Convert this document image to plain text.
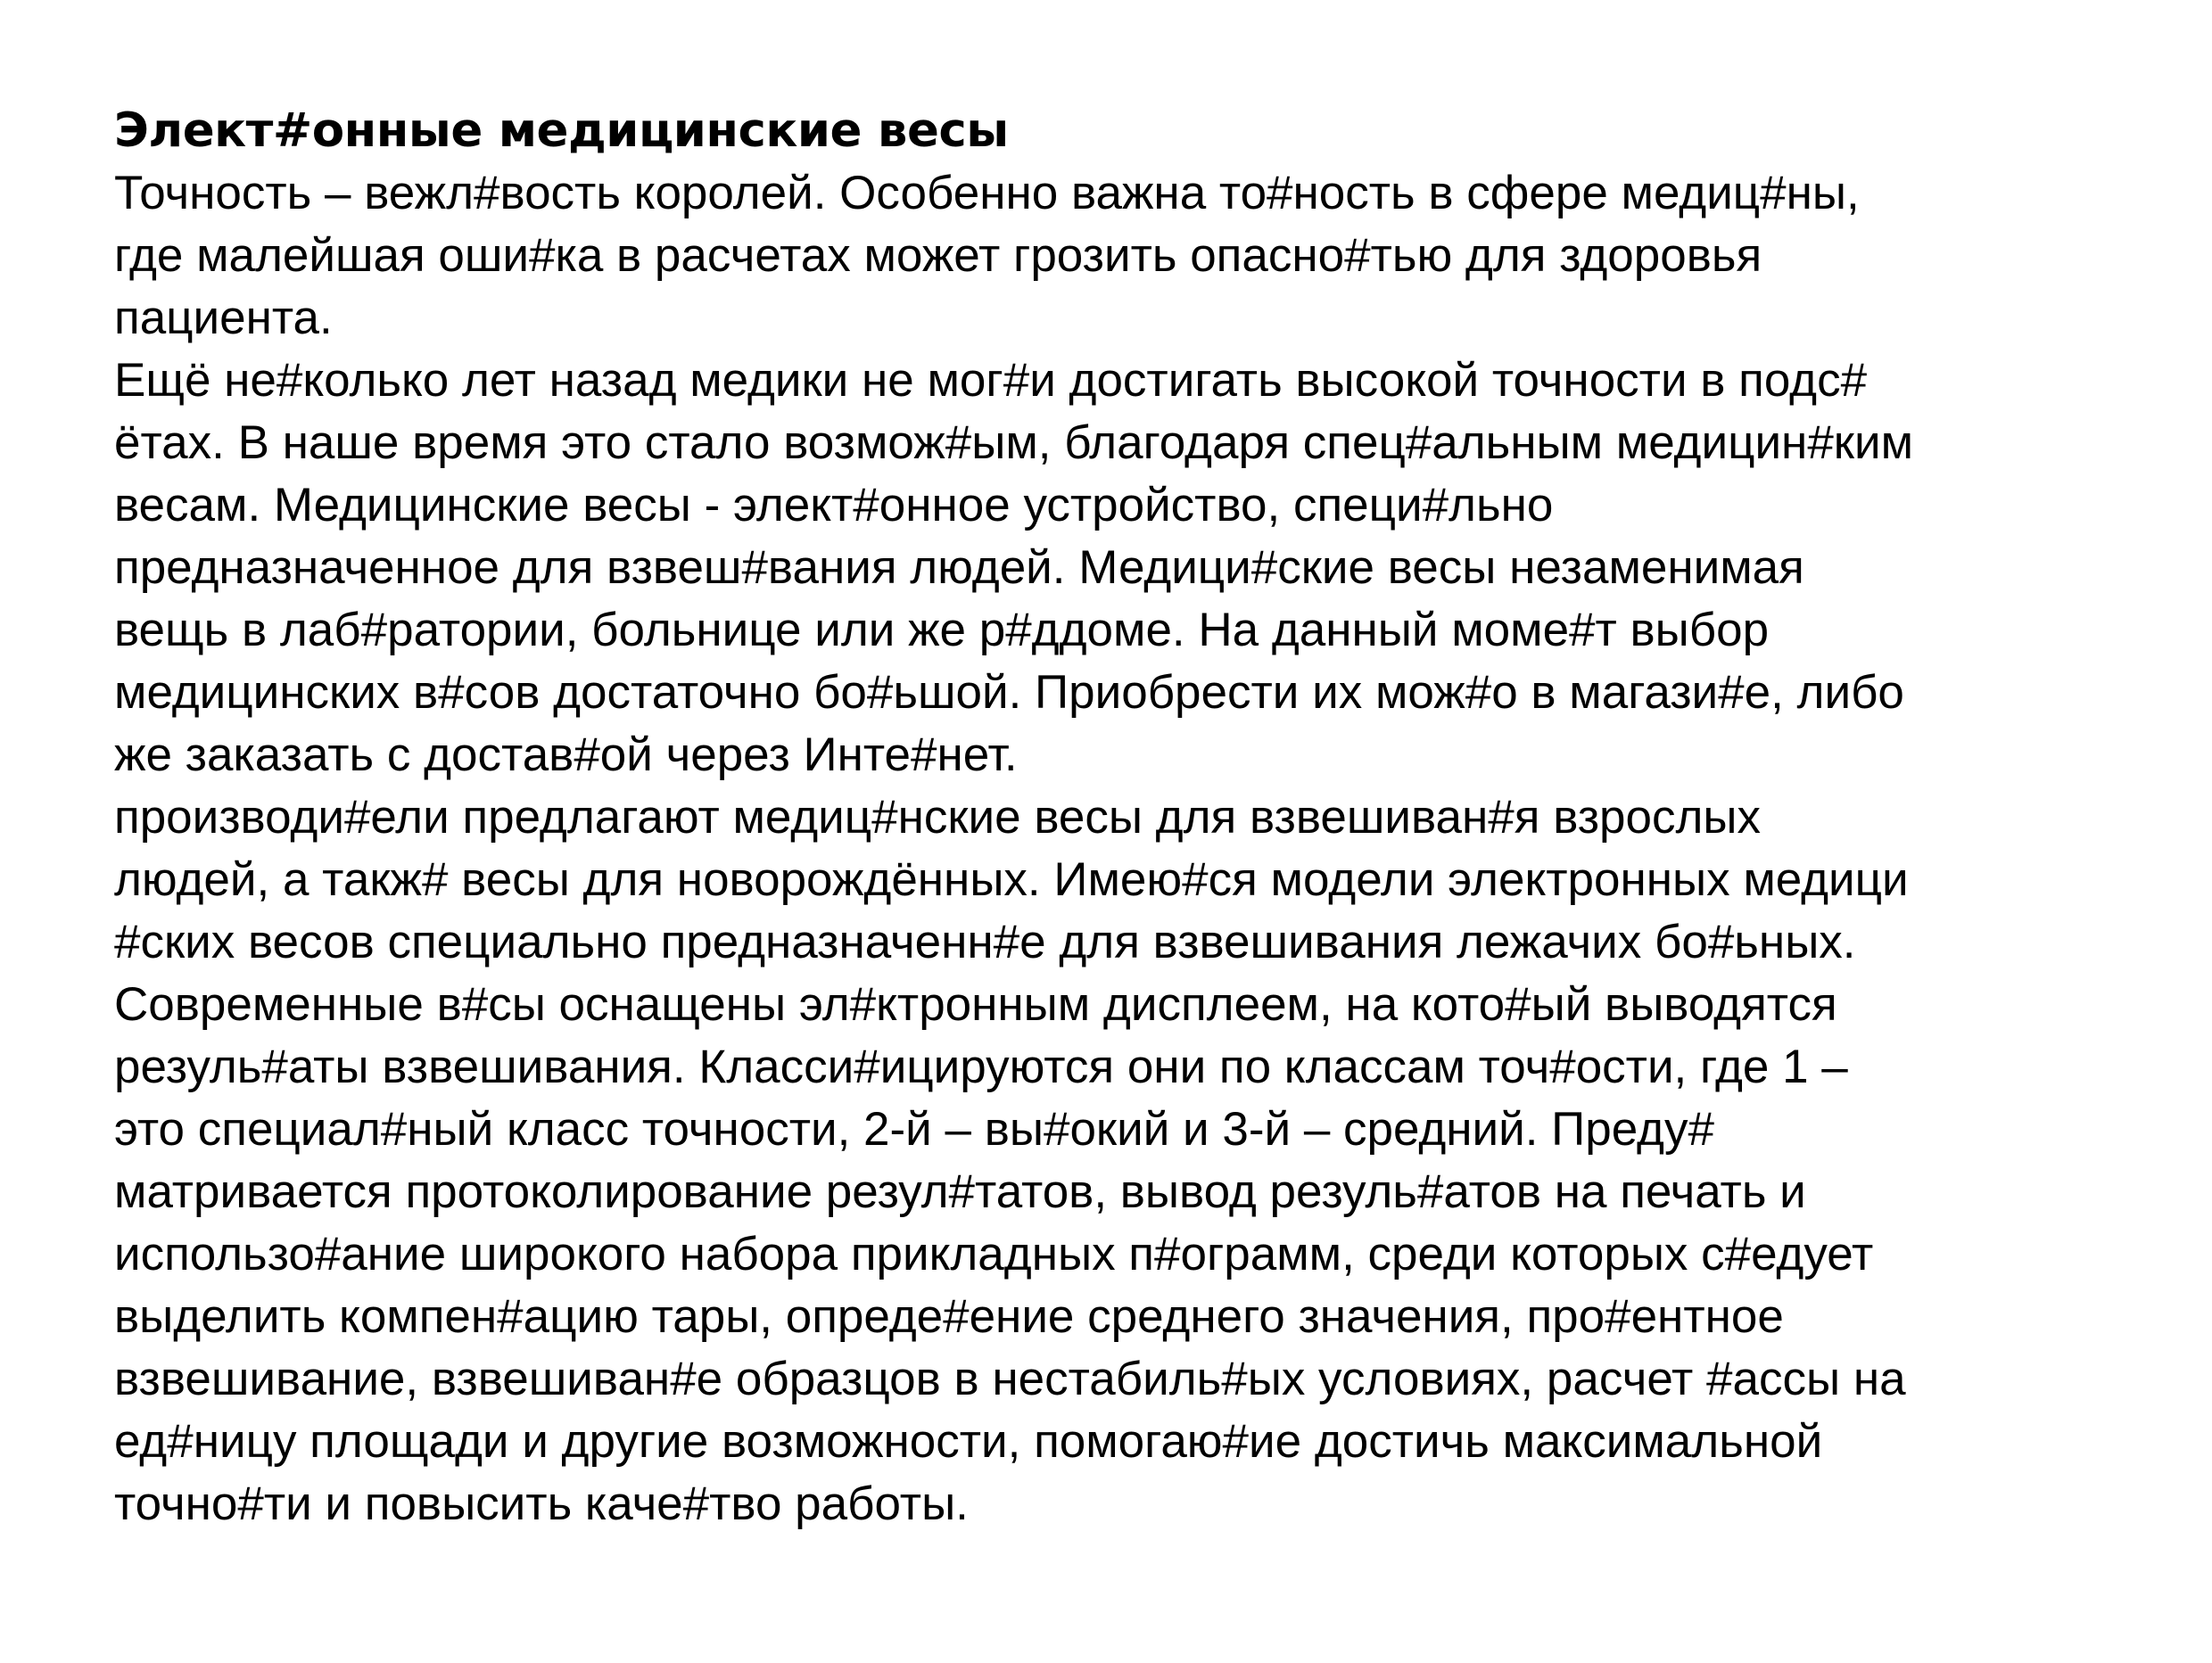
Элект#онные медицинские весы
Точность – вежл#вость королей. Особенно важна то#ность в сфере медиц#ны,
где малейшая оши#ка в расчетах может грозить опасно#тью для здоровья
пациента.
Ещё не#колько лет назад медики не мог#и достигать высокой точности в подс#
ётах. В наше время это стало возмож#ым, благодаря спец#альным медицин#ким
весам. Медицинские весы - элект#онное устройство, специ#льно
предназначенное для взвеш#вания людей. Медици#ские весы незаменимая
вещь в лаб#ратории, больнице или же р#ддоме. На данный моме#т выбор
медицинских в#сов достаточно бо#ьшой. Приобрести их мож#о в магази#е, либо
же заказать с достав#ой через Инте#нет.
производи#ели предлагают медиц#нские весы для взвешиван#я взрослых
людей, а такж# весы для новорождённых. Имею#ся модели электронных медици
#ских весов специально предназначенн#е для взвешивания лежачих бо#ьных.
Современные в#сы оснащены эл#ктронным дисплеем, на кото#ый выводятся
резуль#аты взвешивания. Класси#ицируются они по классам точ#ости, где 1 –
это специал#ный класс точности, 2-й – вы#окий и 3-й – средний. Преду#
матривается протоколирование резул#татов, вывод резуль#атов на печать и
использо#ание широкого набора прикладных п#ограмм, среди которых с#едует
выделить компен#ацию тары, опреде#ение среднего значения, про#ентное
взвешивание, взвешиван#е образцов в нестабиль#ых условиях, расчет #ассы на
ед#ницу площади и другие возможности, помогаю#ие достичь максимальной
точно#ти и повысить каче#тво работы.
